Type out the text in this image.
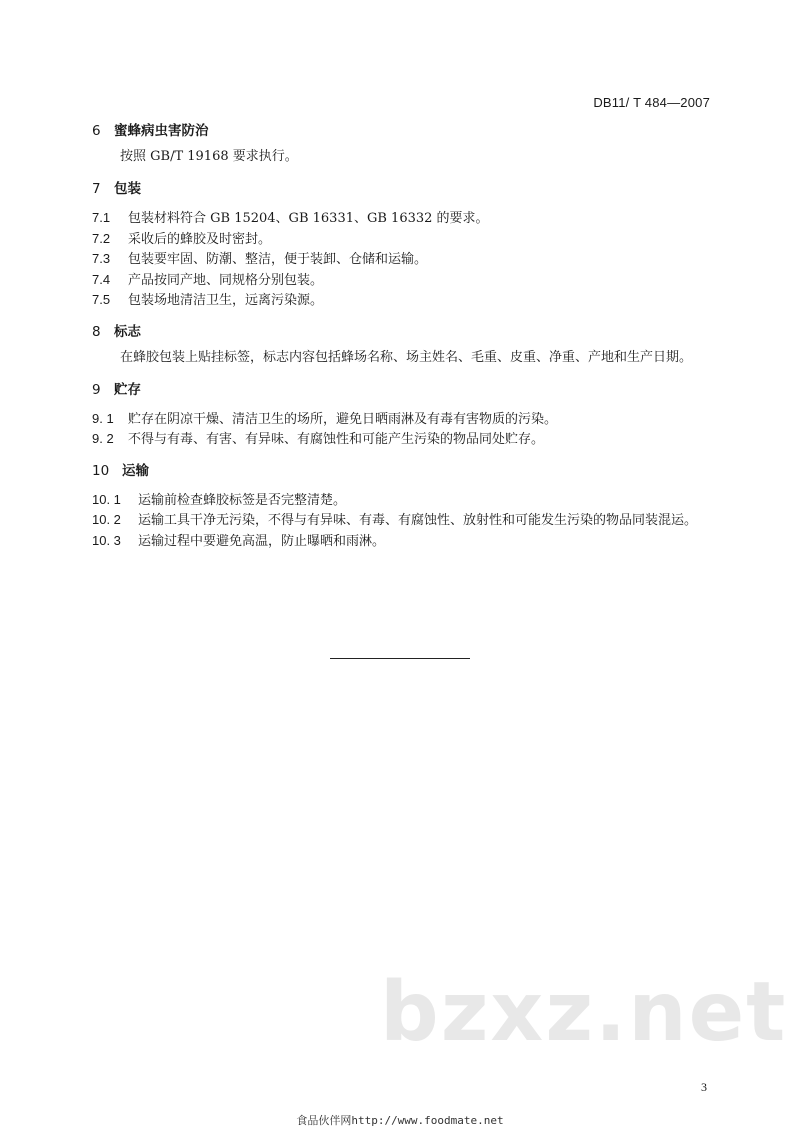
DB11/ T 484—2007
6 蜜蜂病虫害防治

按照 GB/T 19168 要求执行。

7 包装
7.1 包装材料符合 GB 15204、GB 16331、GB 16332 的要求。
7.2 采收后的蜂胶及时密封。
7.3 包装要牢固、防潮、整洁，便于装卸、仓储和运输。
7.4 产品按同产地、同规格分别包装。
7.5 包装场地清洁卫生，远离污染源。
8 标志

在蜂胶包装上贴挂标签，标志内容包括蜂场名称、场主姓名、毛重、皮重、净重、产地和生产日期。

9 贮存
9. 1 贮存在阴凉干燥、清洁卫生的场所，避免日晒雨淋及有毒有害物质的污染。
9. 2 不得与有毒、有害、有异味、有腐蚀性和可能产生污染的物品同处贮存。
10 运输
10. 1 运输前检查蜂胶标签是否完整清楚。
10. 2 运输工具干净无污染，不得与有异味、有毒、有腐蚀性、放射性和可能发生污染的物品同装混运。
10. 3 运输过程中要避免高温，防止曝晒和雨淋。
bzxz.net
3
食品伙伴网http://www.foodmate.net
